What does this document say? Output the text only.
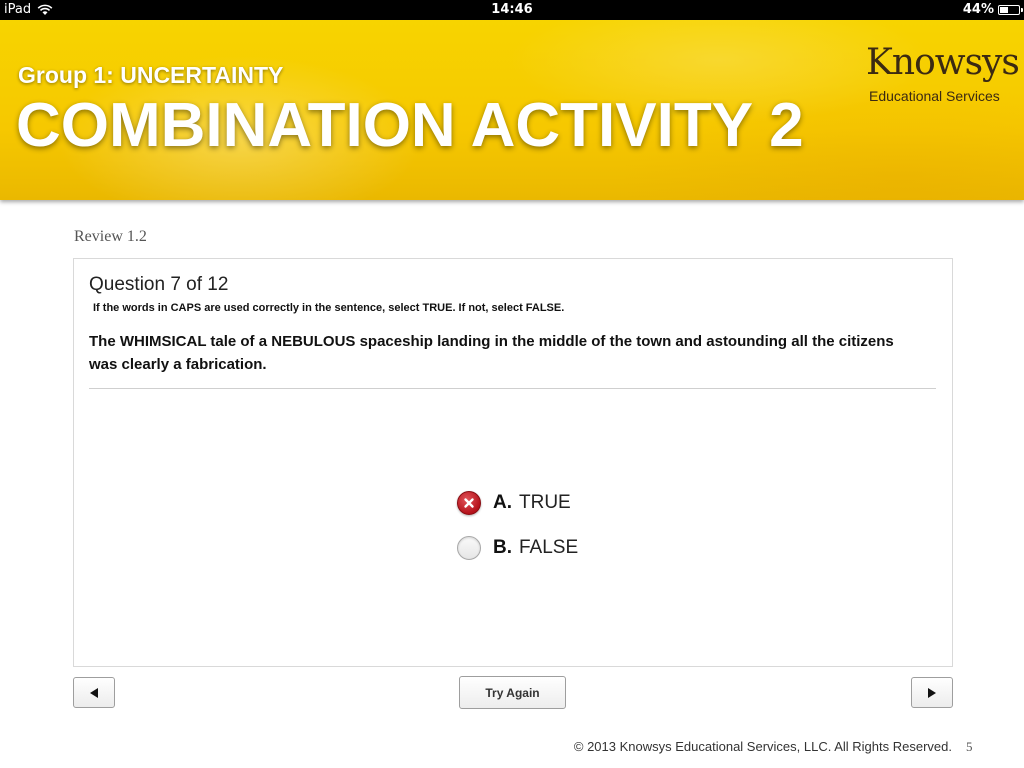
iPad	14:46	44%
Group 1: UNCERTAINTY
COMBINATION ACTIVITY 2
Knowsys
Educational Services
Review 1.2
Question 7 of 12
If the words in CAPS are used correctly in the sentence, select TRUE. If not, select FALSE.
The WHIMSICAL tale of a NEBULOUS spaceship landing in the middle of the town and astounding all the citizens was clearly a fabrication.
A. TRUE
B. FALSE
Try Again
© 2013 Knowsys Educational Services, LLC. All Rights Reserved. 5
